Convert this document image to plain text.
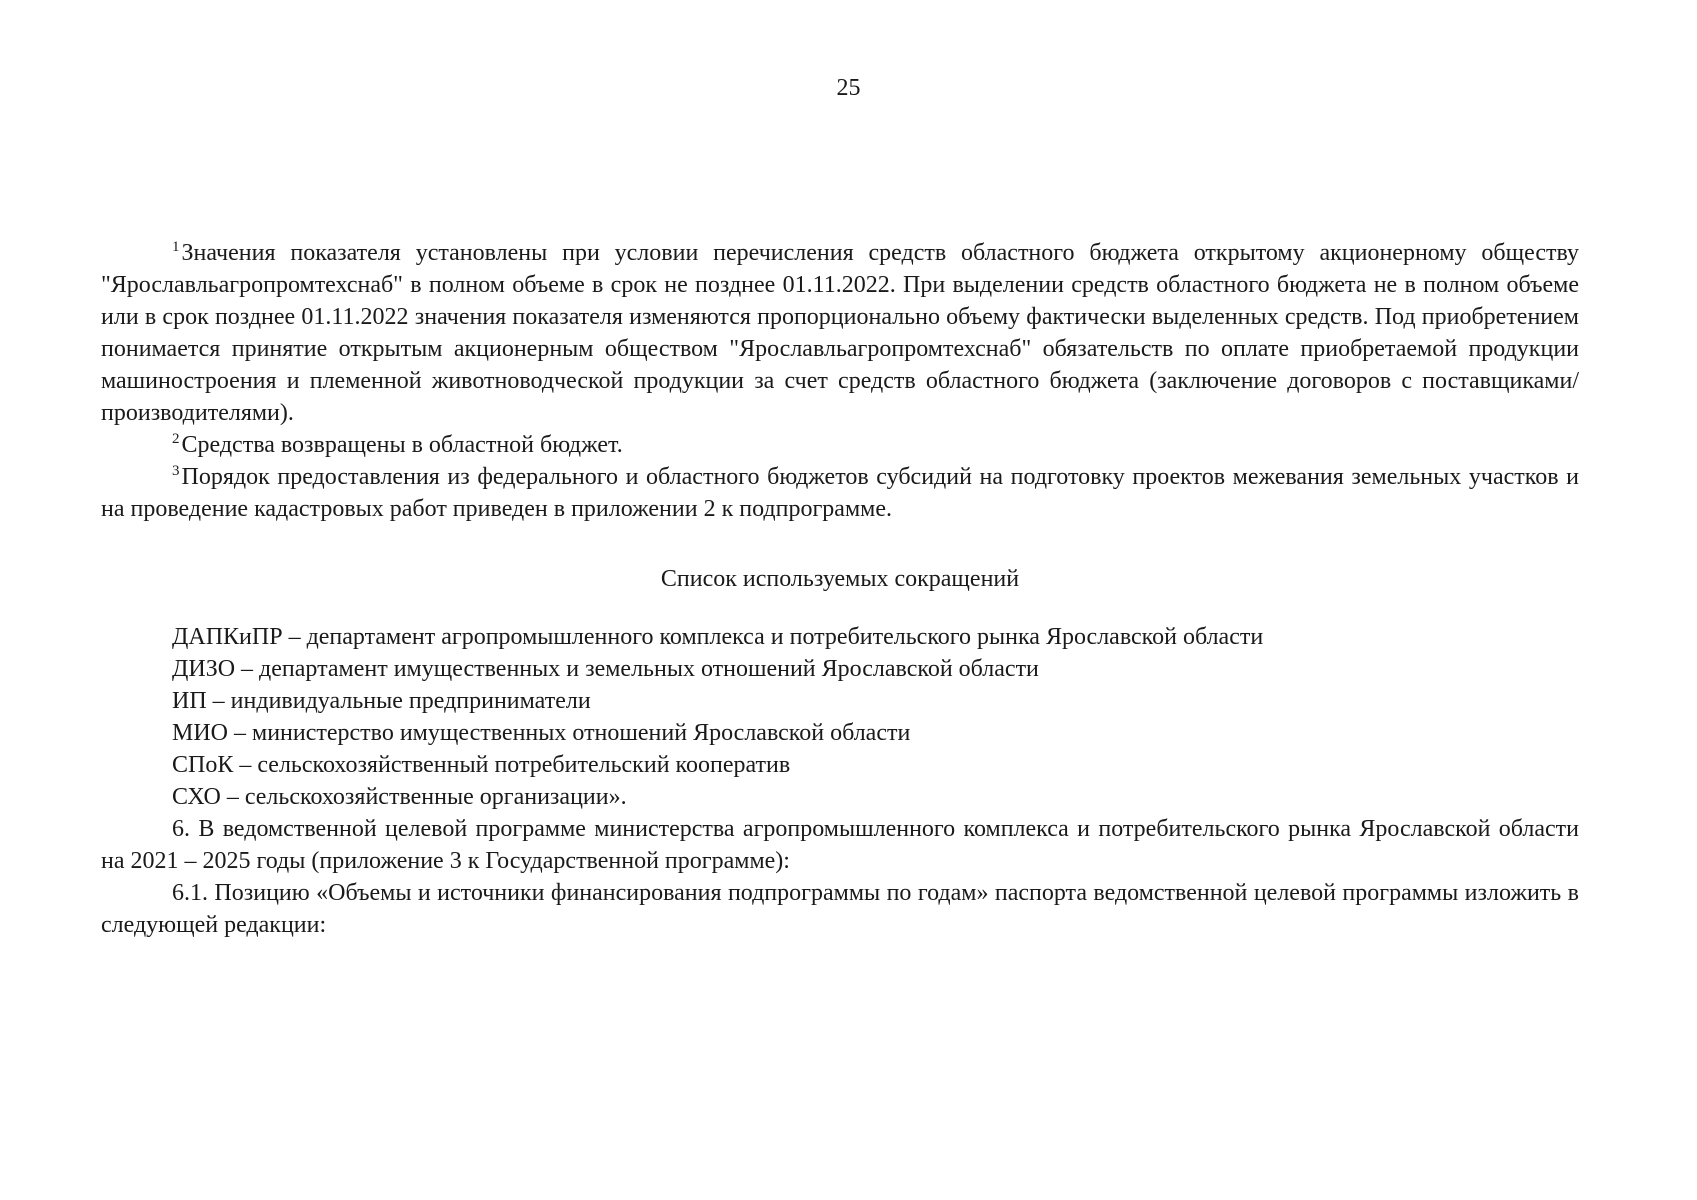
25

$^1$Значения показателя установлены при условии перечисления средств областного бюджета открытому акционерному обществу "Ярославльагропромтехснаб" в полном объеме в срок не позднее 01.11.2022. При выделении средств областного бюджета не в полном объеме или в срок позднее 01.11.2022 значения показателя изменяются пропорционально объему фактически выделенных средств. Под приобретением понимается принятие открытым акционерным обществом "Ярославльагропромтехснаб" обязательств по оплате приобретаемой продукции машиностроения и племенной животноводческой продукции за счет средств областного бюджета (заключение договоров с поставщиками/производителями).

$^2$Средства возвращены в областной бюджет.

$^3$Порядок предоставления из федерального и областного бюджетов субсидий на подготовку проектов межевания земельных участков и на проведение кадастровых работ приведен в приложении 2 к подпрограмме.

Список используемых сокращений
ДАПКиПР – департамент агропромышленного комплекса и потребительского рынка Ярославской области
ДИЗО – департамент имущественных и земельных отношений Ярославской области
ИП – индивидуальные предприниматели
МИО – министерство имущественных отношений Ярославской области
СПоК – сельскохозяйственный потребительский кооператив
СХО – сельскохозяйственные организации».

6. В ведомственной целевой программе министерства агропромышленного комплекса и потребительского рынка Ярославской области на 2021 – 2025 годы (приложение 3 к Государственной программе):

6.1. Позицию «Объемы и источники финансирования подпрограммы по годам» паспорта ведомственной целевой программы изложить в следующей редакции:
